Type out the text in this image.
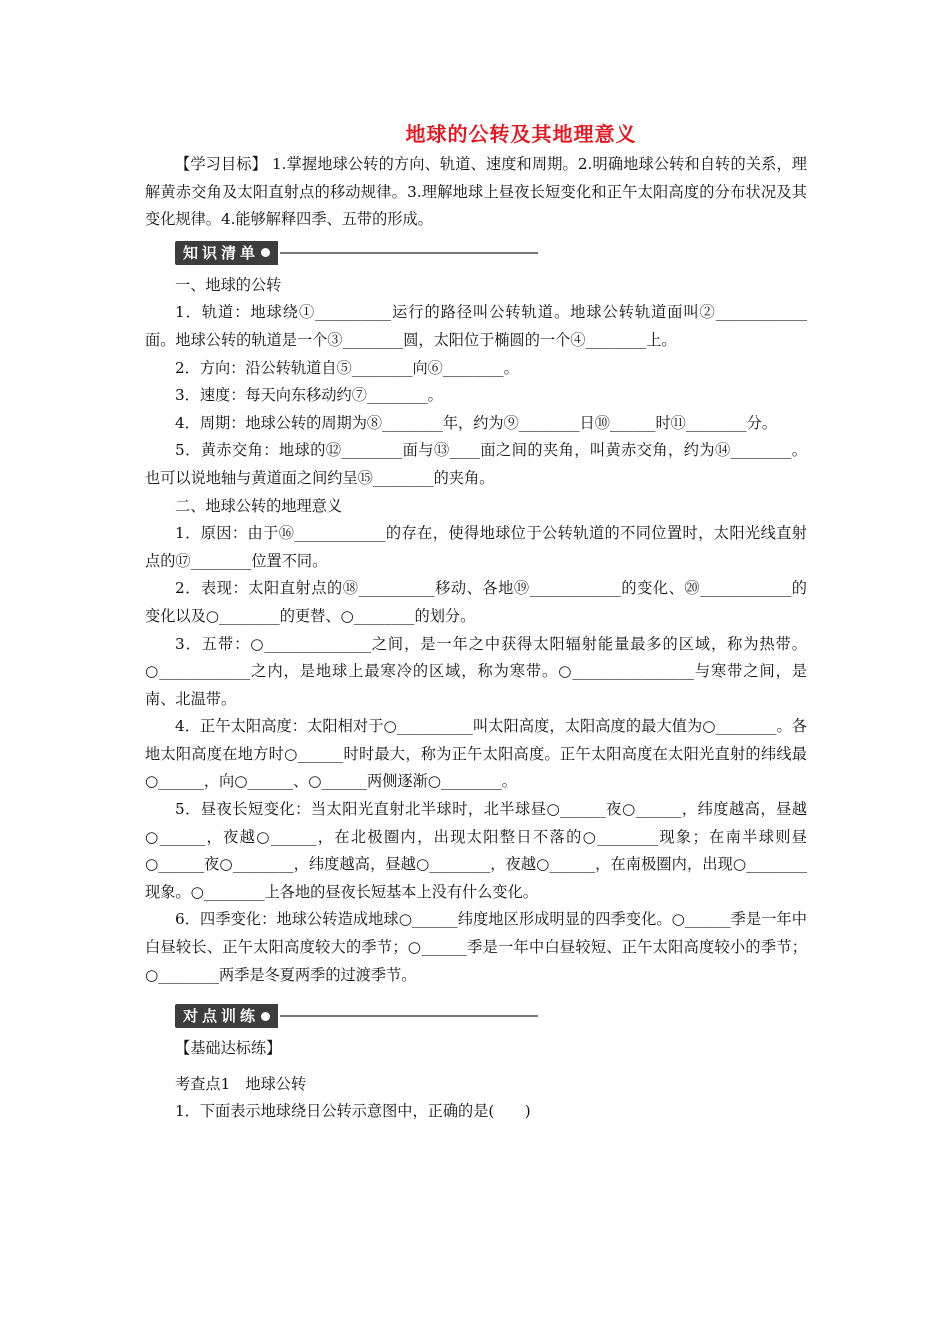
地球的公转及其地理意义

【学习目标】 1.掌握地球公转的方向、轨道、速度和周期。2.明确地球公转和自转的关系，理解黄赤交角及太阳直射点的移动规律。3.理解地球上昼夜长短变化和正午太阳高度的分布状况及其变化规律。4.能够解释四季、五带的形成。

知识清单

一、地球的公转

1．轨道：地球绕①__________运行的路径叫公转轨道。地球公转轨道面叫②____________面。地球公转的轨道是一个③________圆，太阳位于椭圆的一个④________上。

2．方向：沿公转轨道自⑤________向⑥________。

3．速度：每天向东移动约⑦________。

4．周期：地球公转的周期为⑧________年，约为⑨________日⑩______时⑪________分。

5．黄赤交角：地球的⑫________面与⑬____面之间的夹角，叫黄赤交角，约为⑭________。也可以说地轴与黄道面之间约呈⑮________的夹角。

二、地球公转的地理意义

1．原因：由于⑯____________的存在，使得地球位于公转轨道的不同位置时，太阳光线直射点的⑰________位置不同。

2．表现：太阳直射点的⑱__________移动、各地⑲____________的变化、⑳____________的变化以及○________的更替、○________的划分。

3．五带：○______________之间，是一年之中获得太阳辐射能量最多的区域，称为热带。○____________之内，是地球上最寒冷的区域，称为寒带。○________________与寒带之间，是南、北温带。

4．正午太阳高度：太阳相对于○__________叫太阳高度，太阳高度的最大值为○________。各地太阳高度在地方时○______时时最大，称为正午太阳高度。正午太阳高度在太阳光直射的纬线最○______，向○______、○______两侧逐渐○________。

5．昼夜长短变化：当太阳光直射北半球时，北半球昼○______夜○______，纬度越高，昼越○______，夜越○______，在北极圈内，出现太阳整日不落的○________现象；在南半球则昼○______夜○________，纬度越高，昼越○________，夜越○______，在南极圈内，出现○________现象。○________上各地的昼夜长短基本上没有什么变化。

6．四季变化：地球公转造成地球○______纬度地区形成明显的四季变化。○______季是一年中白昼较长、正午太阳高度较大的季节；○______季是一年中白昼较短、正午太阳高度较小的季节；○________两季是冬夏两季的过渡季节。

对点训练

【基础达标练】

考查点1　地球公转

1．下面表示地球绕日公转示意图中，正确的是(　　)
